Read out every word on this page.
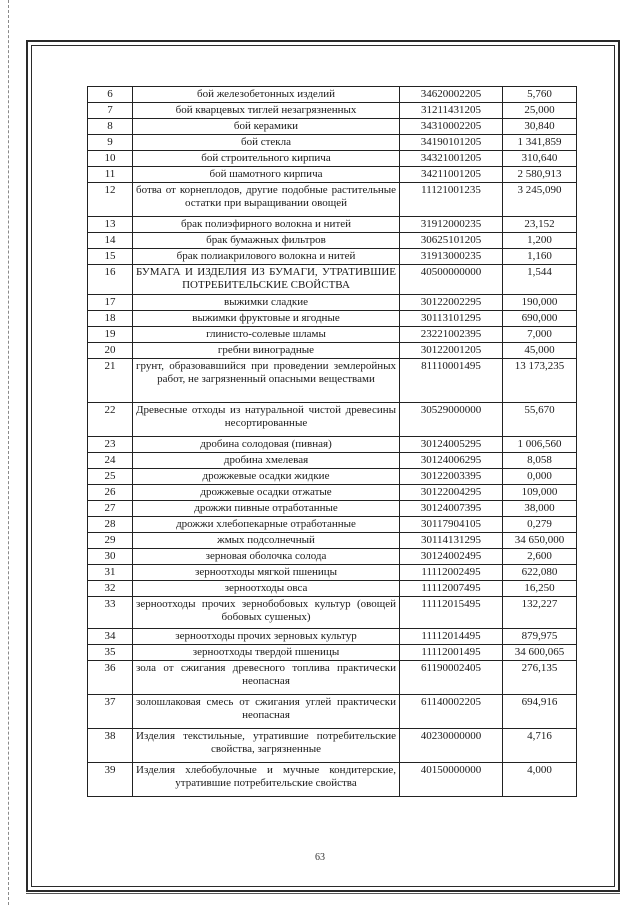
6	бой железобетонных изделий	34620002205	5,760
7	бой кварцевых тиглей незагрязненных	31211431205	25,000
8	бой керамики	34310002205	30,840
9	бой стекла	34190101205	1 341,859
10	бой строительного кирпича	34321001205	310,640
11	бой шамотного кирпича	34211001205	2 580,913
12	ботва от корнеплодов, другие подобные растительные остатки при выращивании овощей	11121001235	3 245,090
13	брак полиэфирного волокна и нитей	31912000235	23,152
14	брак бумажных фильтров	30625101205	1,200
15	брак полиакрилового волокна и нитей	31913000235	1,160
16	БУМАГА И ИЗДЕЛИЯ ИЗ БУМАГИ, УТРАТИВШИЕ ПОТРЕБИТЕЛЬСКИЕ СВОЙСТВА	40500000000	1,544
17	выжимки сладкие	30122002295	190,000
18	выжимки фруктовые и ягодные	30113101295	690,000
19	глинисто-солевые шламы	23221002395	7,000
20	гребни виноградные	30122001205	45,000
21	грунт, образовавшийся при проведении землеройных работ, не загрязненный опасными веществами	81110001495	13 173,235
22	Древесные отходы из натуральной чистой древесины несортированные	30529000000	55,670
23	дробина солодовая (пивная)	30124005295	1 006,560
24	дробина хмелевая	30124006295	8,058
25	дрожжевые осадки жидкие	30122003395	0,000
26	дрожжевые осадки отжатые	30122004295	109,000
27	дрожжи пивные отработанные	30124007395	38,000
28	дрожжи хлебопекарные отработанные	30117904105	0,279
29	жмых подсолнечный	30114131295	34 650,000
30	зерновая оболочка солода	30124002495	2,600
31	зерноотходы мягкой пшеницы	11112002495	622,080
32	зерноотходы овса	11112007495	16,250
33	зерноотходы прочих зернобобовых культур (овощей бобовых сушеных)	11112015495	132,227
34	зерноотходы прочих зерновых культур	11112014495	879,975
35	зерноотходы твердой пшеницы	11112001495	34 600,065
36	зола от сжигания древесного топлива практически неопасная	61190002405	276,135
37	золошлаковая смесь от сжигания углей практически неопасная	61140002205	694,916
38	Изделия текстильные, утратившие потребительские свойства, загрязненные	40230000000	4,716
39	Изделия хлебобулочные и мучные кондитерские, утратившие потребительские свойства	40150000000	4,000
63
